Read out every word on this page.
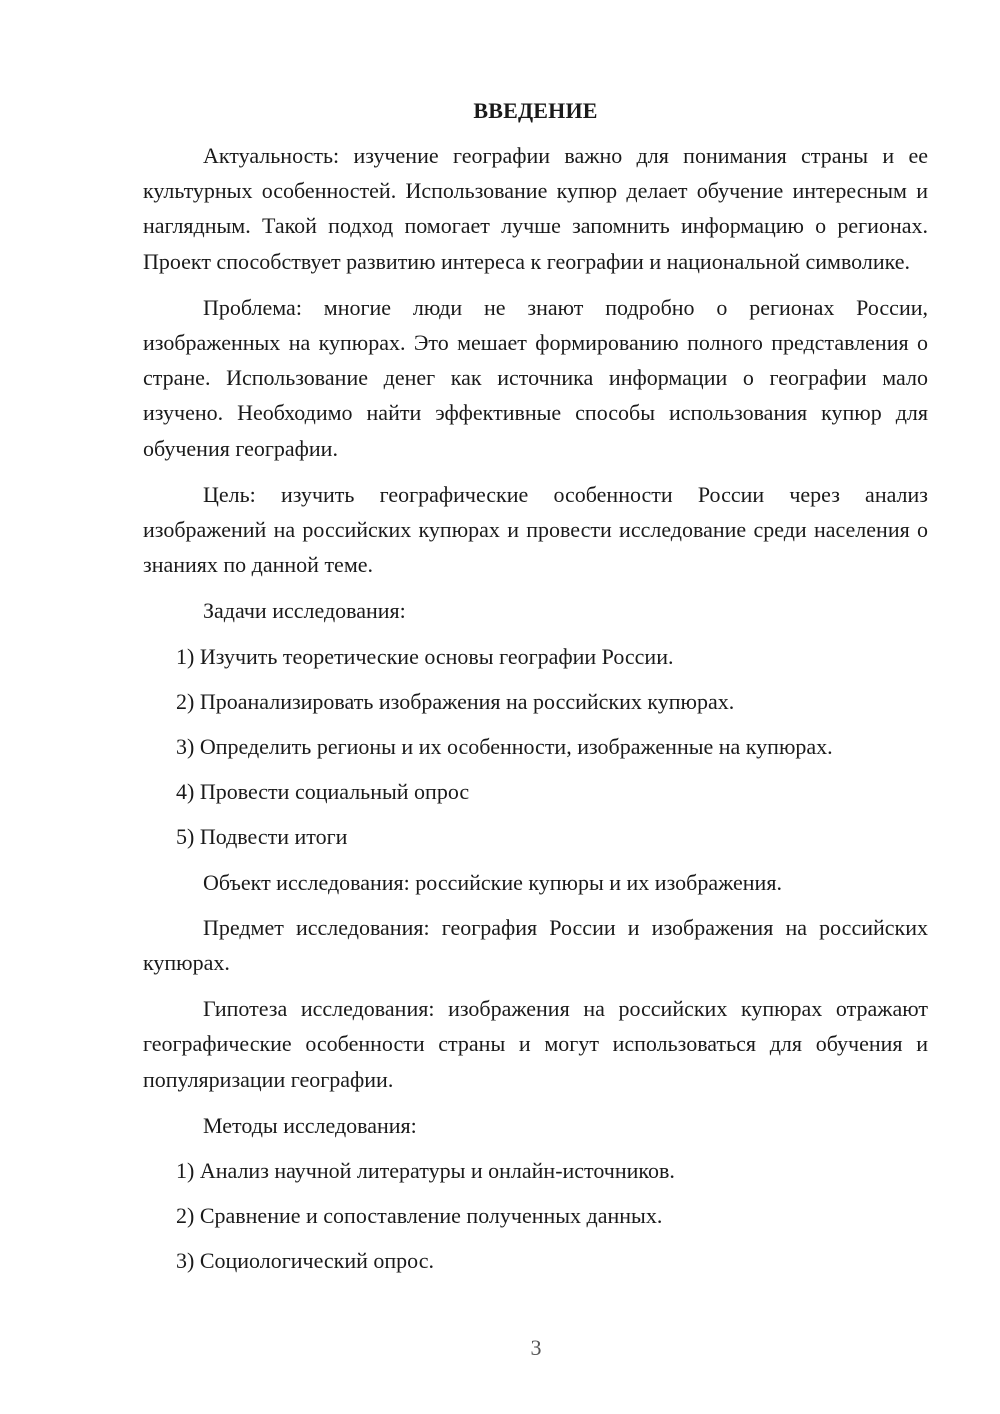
ВВЕДЕНИЕ

Актуальность: изучение географии важно для понимания страны и ее культурных особенностей. Использование купюр делает обучение интересным и наглядным. Такой подход помогает лучше запомнить информацию о регионах. Проект способствует развитию интереса к географии и национальной символике.

Проблема: многие люди не знают подробно о регионах России, изображенных на купюрах. Это мешает формированию полного представления о стране. Использование денег как источника информации о географии мало изучено. Необходимо найти эффективные способы использования купюр для обучения географии.

Цель: изучить географические особенности России через анализ изображений на российских купюрах и провести исследование среди населения о знаниях по данной теме.

Задачи исследования:

1) Изучить теоретические основы географии России.
2) Проанализировать изображения на российских купюрах.
3) Определить регионы и их особенности, изображенные на купюрах.
4) Провести социальный опрос
5) Подвести итоги

Объект исследования: российские купюры и их изображения.

Предмет исследования: география России и изображения на российских купюрах.

Гипотеза исследования: изображения на российских купюрах отражают географические особенности страны и могут использоваться для обучения и популяризации географии.

Методы исследования:

1) Анализ научной литературы и онлайн-источников.
2) Сравнение и сопоставление полученных данных.
3) Социологический опрос.
3
